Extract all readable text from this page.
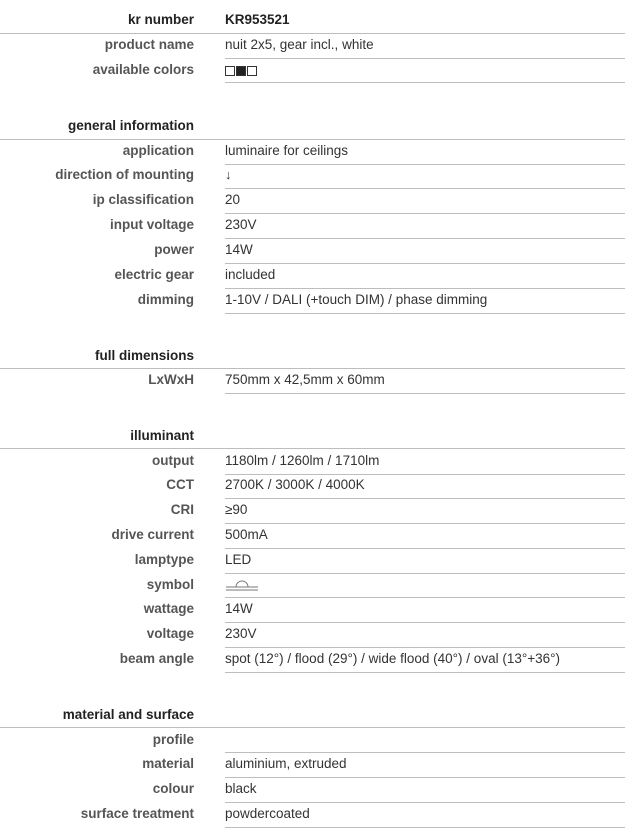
kr number KR953521
product name nuit 2x5, gear incl., white
available colors
general information
application luminaire for ceilings
direction of mounting ↓
ip classification 20
input voltage 230V
power 14W
electric gear included
dimming 1-10V / DALI (+touch DIM) / phase dimming
full dimensions
LxWxH 750mm x 42,5mm x 60mm
illuminant
output 1180lm / 1260lm / 1710lm
CCT 2700K / 3000K / 4000K
CRI ≥90
drive current 500mA
lamptype LED
symbol
wattage 14W
voltage 230V
beam angle spot (12°) / flood (29°) / wide flood (40°) / oval (13°+36°)
material and surface
profile
material aluminium, extruded
colour black
surface treatment powdercoated
